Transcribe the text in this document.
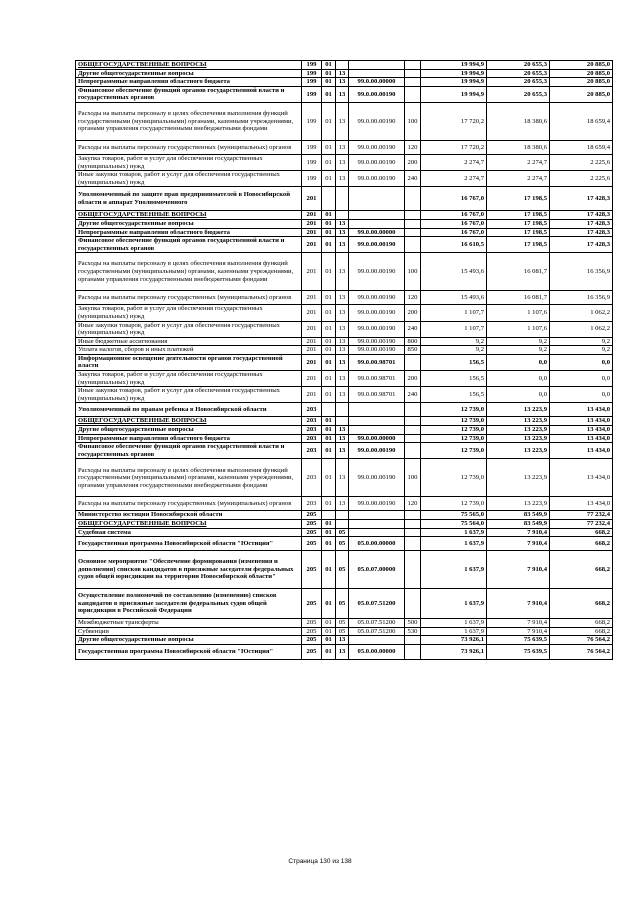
ОБЩЕГОСУДАРСТВЕННЫЕ ВОПРОСЫ	199	01				19 994,9	20 655,3	20 885,0
Другие общегосударственные вопросы	199	01	13			19 994,9	20 655,3	20 885,0
Непрограммные направления областного бюджета	199	01	13	99.0.00.00000		19 994,9	20 655,3	20 885,0
Финансовое обеспечение функций органов государственной власти и государственных органов	199	01	13	99.0.00.00190		19 994,9	20 655,3	20 885,0
Расходы на выплаты персоналу в целях обеспечения выполнения функций государственными (муниципальными) органами, казенными учреждениями, органами управления государственными внебюджетными фондами	199	01	13	99.0.00.00190	100	17 720,2	18 380,6	18 659,4
Расходы на выплаты персоналу государственных (муниципальных) органов	199	01	13	99.0.00.00190	120	17 720,2	18 380,6	18 659,4
Закупка товаров, работ и услуг для обеспечения государственных (муниципальных) нужд	199	01	13	99.0.00.00190	200	2 274,7	2 274,7	2 225,6
Иные закупки товаров, работ и услуг для обеспечения государственных (муниципальных) нужд	199	01	13	99.0.00.00190	240	2 274,7	2 274,7	2 225,6
Уполномоченный по защите прав предпринимателей в Новосибирской области и аппарат Уполномоченного	201					16 767,0	17 198,5	17 428,3
ОБЩЕГОСУДАРСТВЕННЫЕ ВОПРОСЫ	201	01				16 767,0	17 198,5	17 428,3
Другие общегосударственные вопросы	201	01	13			16 767,0	17 198,5	17 428,3
Непрограммные направления областного бюджета	201	01	13	99.0.00.00000		16 767,0	17 198,5	17 428,3
Финансовое обеспечение функций органов государственной власти и государственных органов	201	01	13	99.0.00.00190		16 610,5	17 198,5	17 428,3
Расходы на выплаты персоналу в целях обеспечения выполнения функций государственными (муниципальными) органами, казенными учреждениями, органами управления государственными внебюджетными фондами	201	01	13	99.0.00.00190	100	15 493,6	16 081,7	16 356,9
Расходы на выплаты персоналу государственных (муниципальных) органов	201	01	13	99.0.00.00190	120	15 493,6	16 081,7	16 356,9
Закупка товаров, работ и услуг для обеспечения государственных (муниципальных) нужд	201	01	13	99.0.00.00190	200	1 107,7	1 107,6	1 062,2
Иные закупки товаров, работ и услуг для обеспечения государственных (муниципальных) нужд	201	01	13	99.0.00.00190	240	1 107,7	1 107,6	1 062,2
Иные бюджетные ассигнования	201	01	13	99.0.00.00190	800	9,2	9,2	9,2
Уплата налогов, сборов и иных платежей	201	01	13	99.0.00.00190	850	9,2	9,2	9,2
Информационное освещение деятельности органов государственной власти	201	01	13	99.0.00.98701		156,5	0,0	0,0
Закупка товаров, работ и услуг для обеспечения государственных (муниципальных) нужд	201	01	13	99.0.00.98701	200	156,5	0,0	0,0
Иные закупки товаров, работ и услуг для обеспечения государственных (муниципальных) нужд	201	01	13	99.0.00.98701	240	156,5	0,0	0,0
Уполномоченный по правам ребенка в Новосибирской области	203					12 739,0	13 223,9	13 434,0
ОБЩЕГОСУДАРСТВЕННЫЕ ВОПРОСЫ	203	01				12 739,0	13 223,9	13 434,0
Другие общегосударственные вопросы	203	01	13			12 739,0	13 223,9	13 434,0
Непрограммные направления областного бюджета	203	01	13	99.0.00.00000		12 739,0	13 223,9	13 434,0
Финансовое обеспечение функций органов государственной власти и государственных органов	203	01	13	99.0.00.00190		12 739,0	13 223,9	13 434,0
Расходы на выплаты персоналу в целях обеспечения выполнения функций государственными (муниципальными) органами, казенными учреждениями, органами управления государственными внебюджетными фондами	203	01	13	99.0.00.00190	100	12 739,0	13 223,9	13 434,0
Расходы на выплаты персоналу государственных (муниципальных) органов	203	01	13	99.0.00.00190	120	12 739,0	13 223,9	13 434,0
Министерство юстиции Новосибирской области	205					75 565,0	83 549,9	77 232,4
ОБЩЕГОСУДАРСТВЕННЫЕ ВОПРОСЫ	205	01				75 564,0	83 549,9	77 232,4
Судебная система	205	01	05			1 637,9	7 910,4	668,2
Государственная программа Новосибирской области "Юстиция"	205	01	05	05.0.00.00000		1 637,9	7 910,4	668,2
Основное мероприятие "Обеспечение формирования (изменения и дополнения) списков кандидатов в присяжные заседатели федеральных судов общей юрисдикции на территории Новосибирской области"	205	01	05	05.0.07.00000		1 637,9	7 910,4	668,2
Осуществление полномочий по составлению (изменению) списков кандидатов в присяжные заседатели федеральных судов общей юрисдикции в Российской Федерации	205	01	05	05.0.07.51200		1 637,9	7 910,4	668,2
Межбюджетные трансферты	205	01	05	05.0.07.51200	500	1 637,9	7 910,4	668,2
Субвенции	205	01	05	05.0.07.51200	530	1 637,9	7 910,4	668,2
Другие общегосударственные вопросы	205	01	13			73 926,1	75 639,5	76 564,2
Государственная программа Новосибирской области "Юстиция"	205	01	13	05.0.00.00000		73 926,1	75 639,5	76 564,2
Страница 130 из 138
